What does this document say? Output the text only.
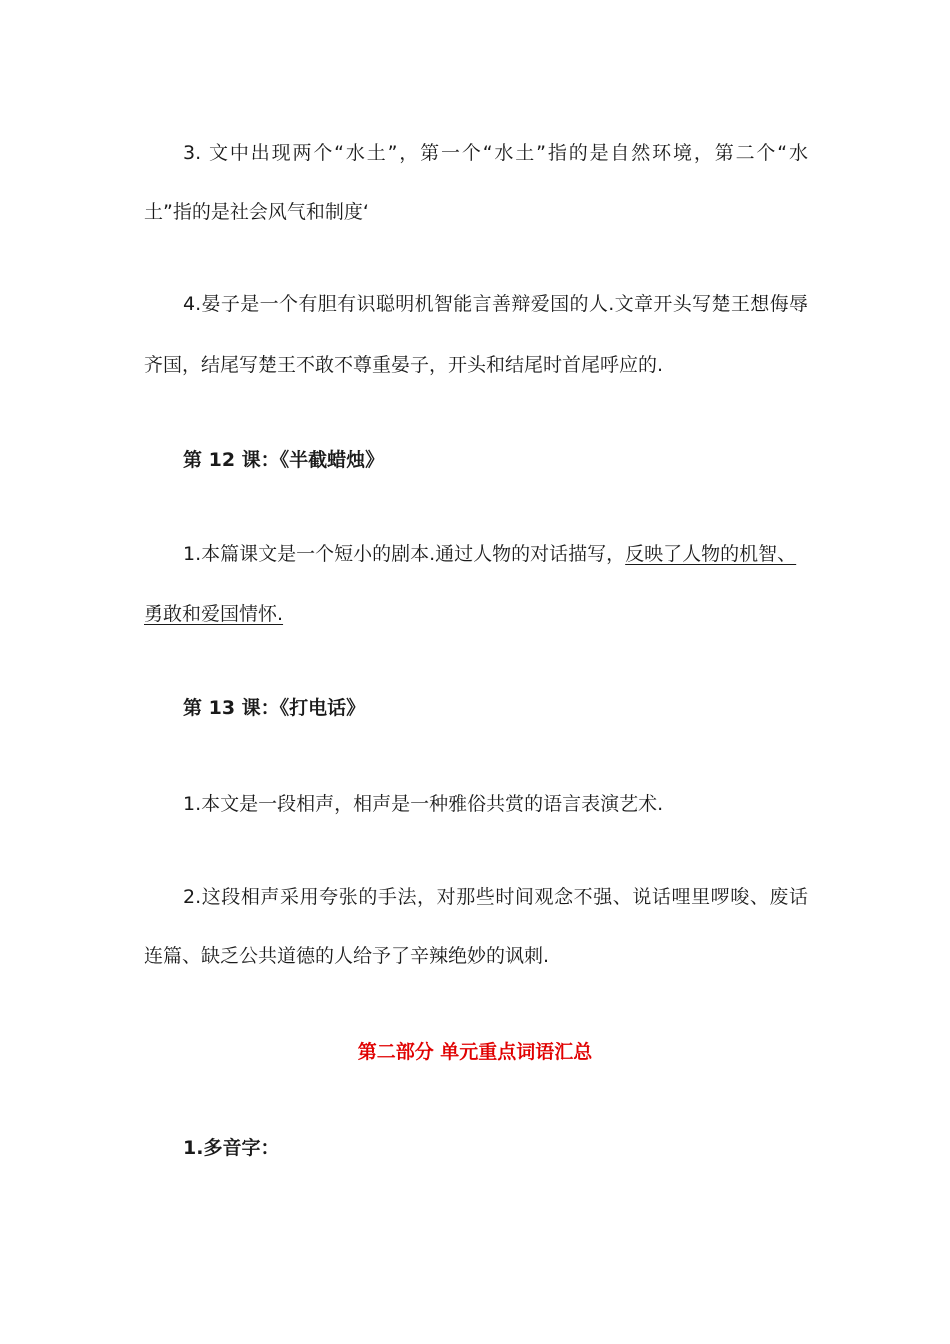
3. 文中出现两个“水土”，第一个“水土”指的是自然环境，第二个“水
土”指的是社会风气和制度‘
4.晏子是一个有胆有识聪明机智能言善辩爱国的人.文章开头写楚王想侮辱
齐国，结尾写楚王不敢不尊重晏子，开头和结尾时首尾呼应的.
第 12 课：《半截蜡烛》
1.本篇课文是一个短小的剧本.通过人物的对话描写，反映了人物的机智、
勇敢和爱国情怀.
第 13 课：《打电话》
1.本文是一段相声，相声是一种雅俗共赏的语言表演艺术.
2.这段相声采用夸张的手法，对那些时间观念不强、说话哩里啰唆、废话
连篇、缺乏公共道德的人给予了辛辣绝妙的讽刺.
第二部分 单元重点词语汇总
1.多音字：
